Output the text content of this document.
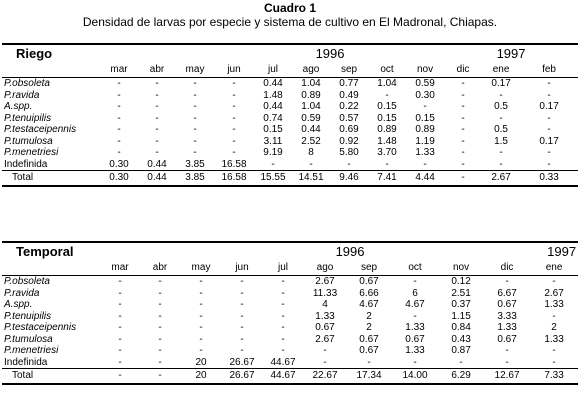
Cuadro 1
Densidad de larvas por especie y sistema de cultivo en El Madronal, Chiapas.
Riego					1996					1997		
	mar	abr	may	jun	jul	ago	sep	oct	nov	dic	ene	feb
P.obsoleta	-	-	-	-	0.44	1.04	0.77	1.04	0.59	-	0.17	-
P.ravida	-	-	-	-	1.48	0.89	0.49	-	0.30	-	-	-
A.spp.	-	-	-	-	0.44	1.04	0.22	0.15	-	-	0.5	0.17
P.tenuipilis	-	-	-	-	0.74	0.59	0.57	0.15	0.15	-	-	-
P.testaceipennis	-	-	-	-	0.15	0.44	0.69	0.89	0.89	-	0.5	-
P.tumulosa	-	-	-	-	3.11	2.52	0.92	1.48	1.19	-	1.5	0.17
P.menetriesi	-	-	-	-	9.19	8	5.80	3.70	1.33	-	-	-
Indefinida	0.30	0.44	3.85	16.58	-	-	-	-	-	-	-	-
Total	0.30	0.44	3.85	16.58	15.55	14.51	9.46	7.41	4.44	-	2.67	0.33
Temporal					1996						1997
	mar	abr	may	jun	jul	ago	sep	oct	nov	dic	ene
P.obsoleta	-	-	-	-	-	2.67	0.67	-	0.12	-	-
P.ravida	-	-	-	-	-	11.33	6.66	6	2.51	6.67	2.67
A.spp.	-	-	-	-	-	4	4.67	4.67	0.37	0.67	1.33
P.tenuipilis	-	-	-	-	-	1.33	2	-	1.15	3.33	-
P.testaceipennis	-	-	-	-	-	0.67	2	1.33	0.84	1.33	2
P.tumulosa	-	-	-	-	-	2.67	0.67	0.67	0.43	0.67	1.33
P.menetriesi	-	-	-	-	-	-	0.67	1.33	0.87	-	-
Indefinida	-	-	20	26.67	44.67	-	-	-	-	-	-
Total	-	-	20	26.67	44.67	22.67	17.34	14.00	6.29	12.67	7.33
